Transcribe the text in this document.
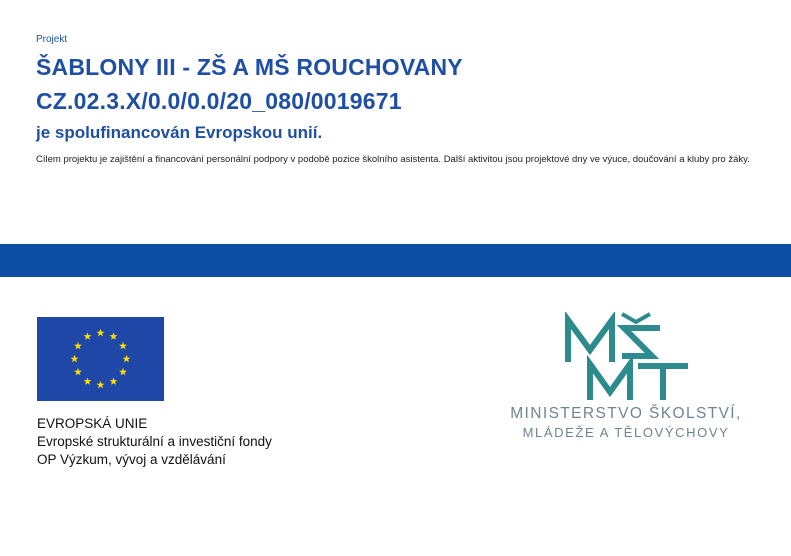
Projekt
ŠABLONY III - ZŠ A MŠ ROUCHOVANY
CZ.02.3.X/0.0/0.0/20_080/0019671
je spolufinancován Evropskou unií.
Cílem projektu je zajištění a financování personální podpory v podobě pozice školního asistenta. Další aktivitou jsou projektové dny ve výuce, doučování a kluby pro žáky.
EVROPSKÁ UNIE
Evropské strukturální a investiční fondy
OP Výzkum, vývoj a vzdělávání
MINISTERSTVO ŠKOLSTVÍ,
MLÁDEŽE A TĚLOVÝCHOVY
